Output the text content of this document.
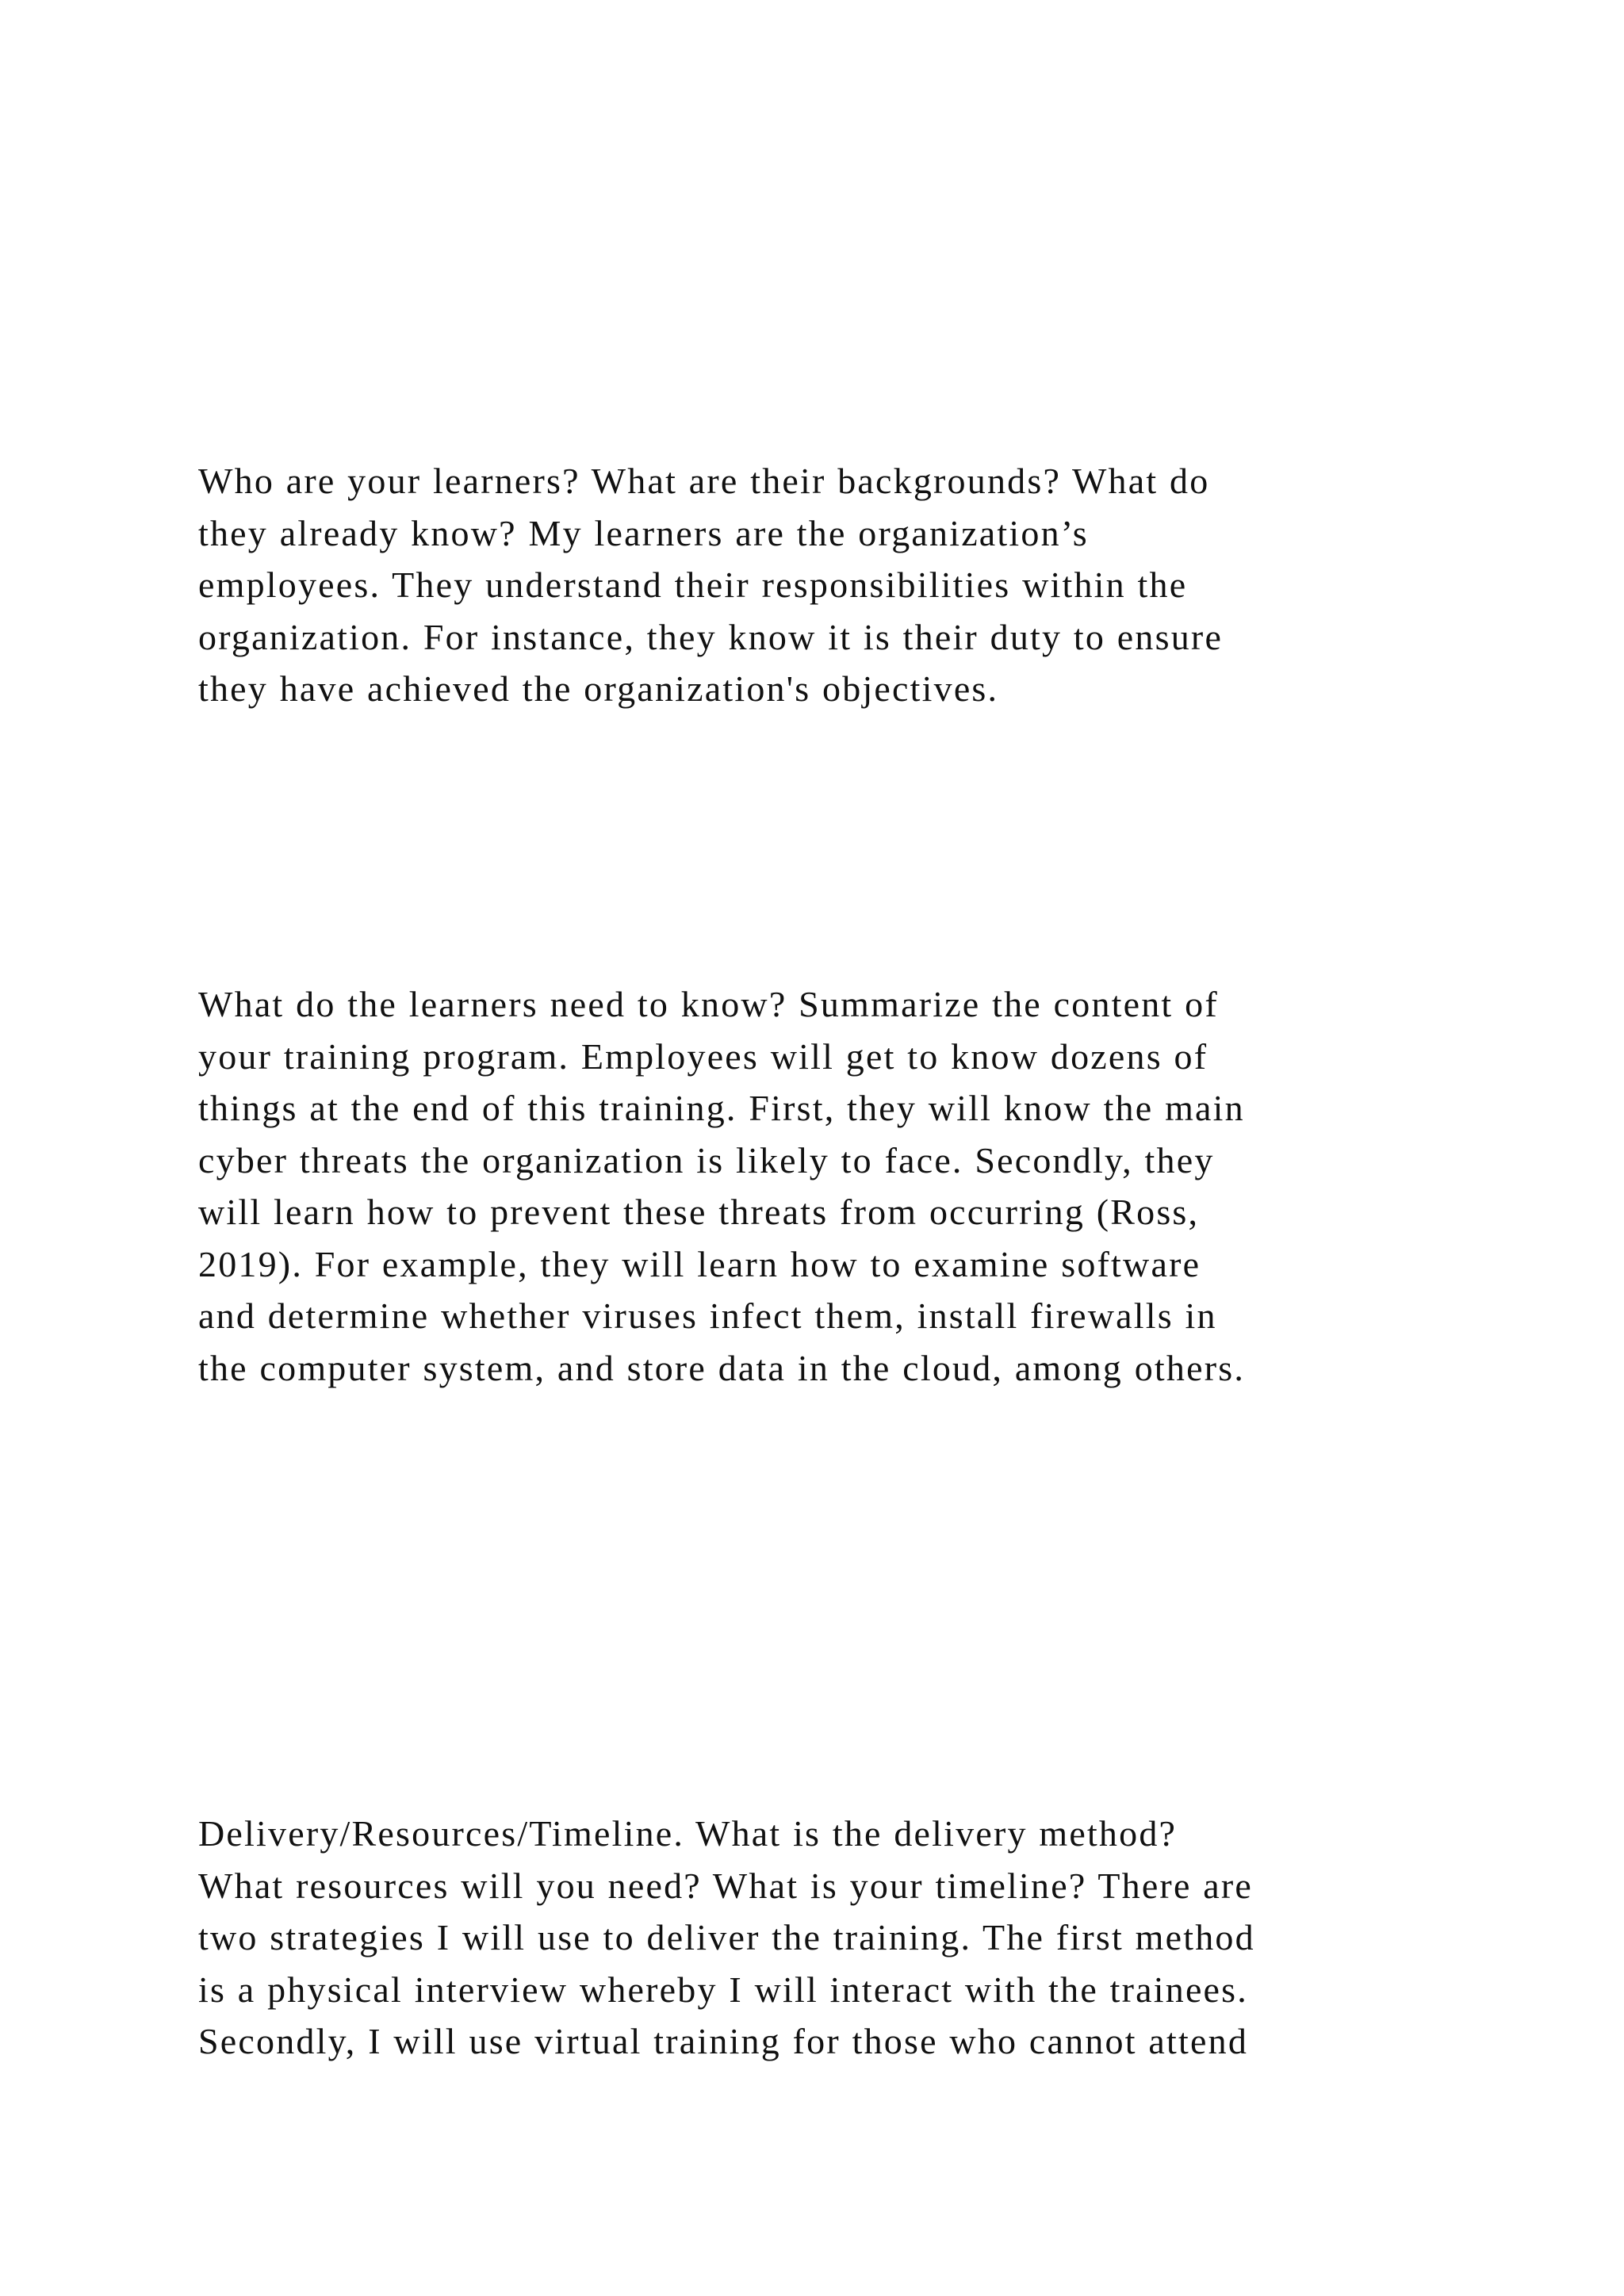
Who are your learners? What are their backgrounds? What do
they already know? My learners are the organization’s
employees. They understand their responsibilities within the
organization. For instance, they know it is their duty to ensure
they have achieved the organization's objectives.

What do the learners need to know? Summarize the content of
your training program. Employees will get to know dozens of
things at the end of this training. First, they will know the main
cyber threats the organization is likely to face. Secondly, they
will learn how to prevent these threats from occurring (Ross,
2019). For example, they will learn how to examine software
and determine whether viruses infect them, install firewalls in
the computer system, and store data in the cloud, among others.

Delivery/Resources/Timeline. What is the delivery method?
What resources will you need? What is your timeline? There are
two strategies I will use to deliver the training. The first method
is a physical interview whereby I will interact with the trainees.
Secondly, I will use virtual training for those who cannot attend
